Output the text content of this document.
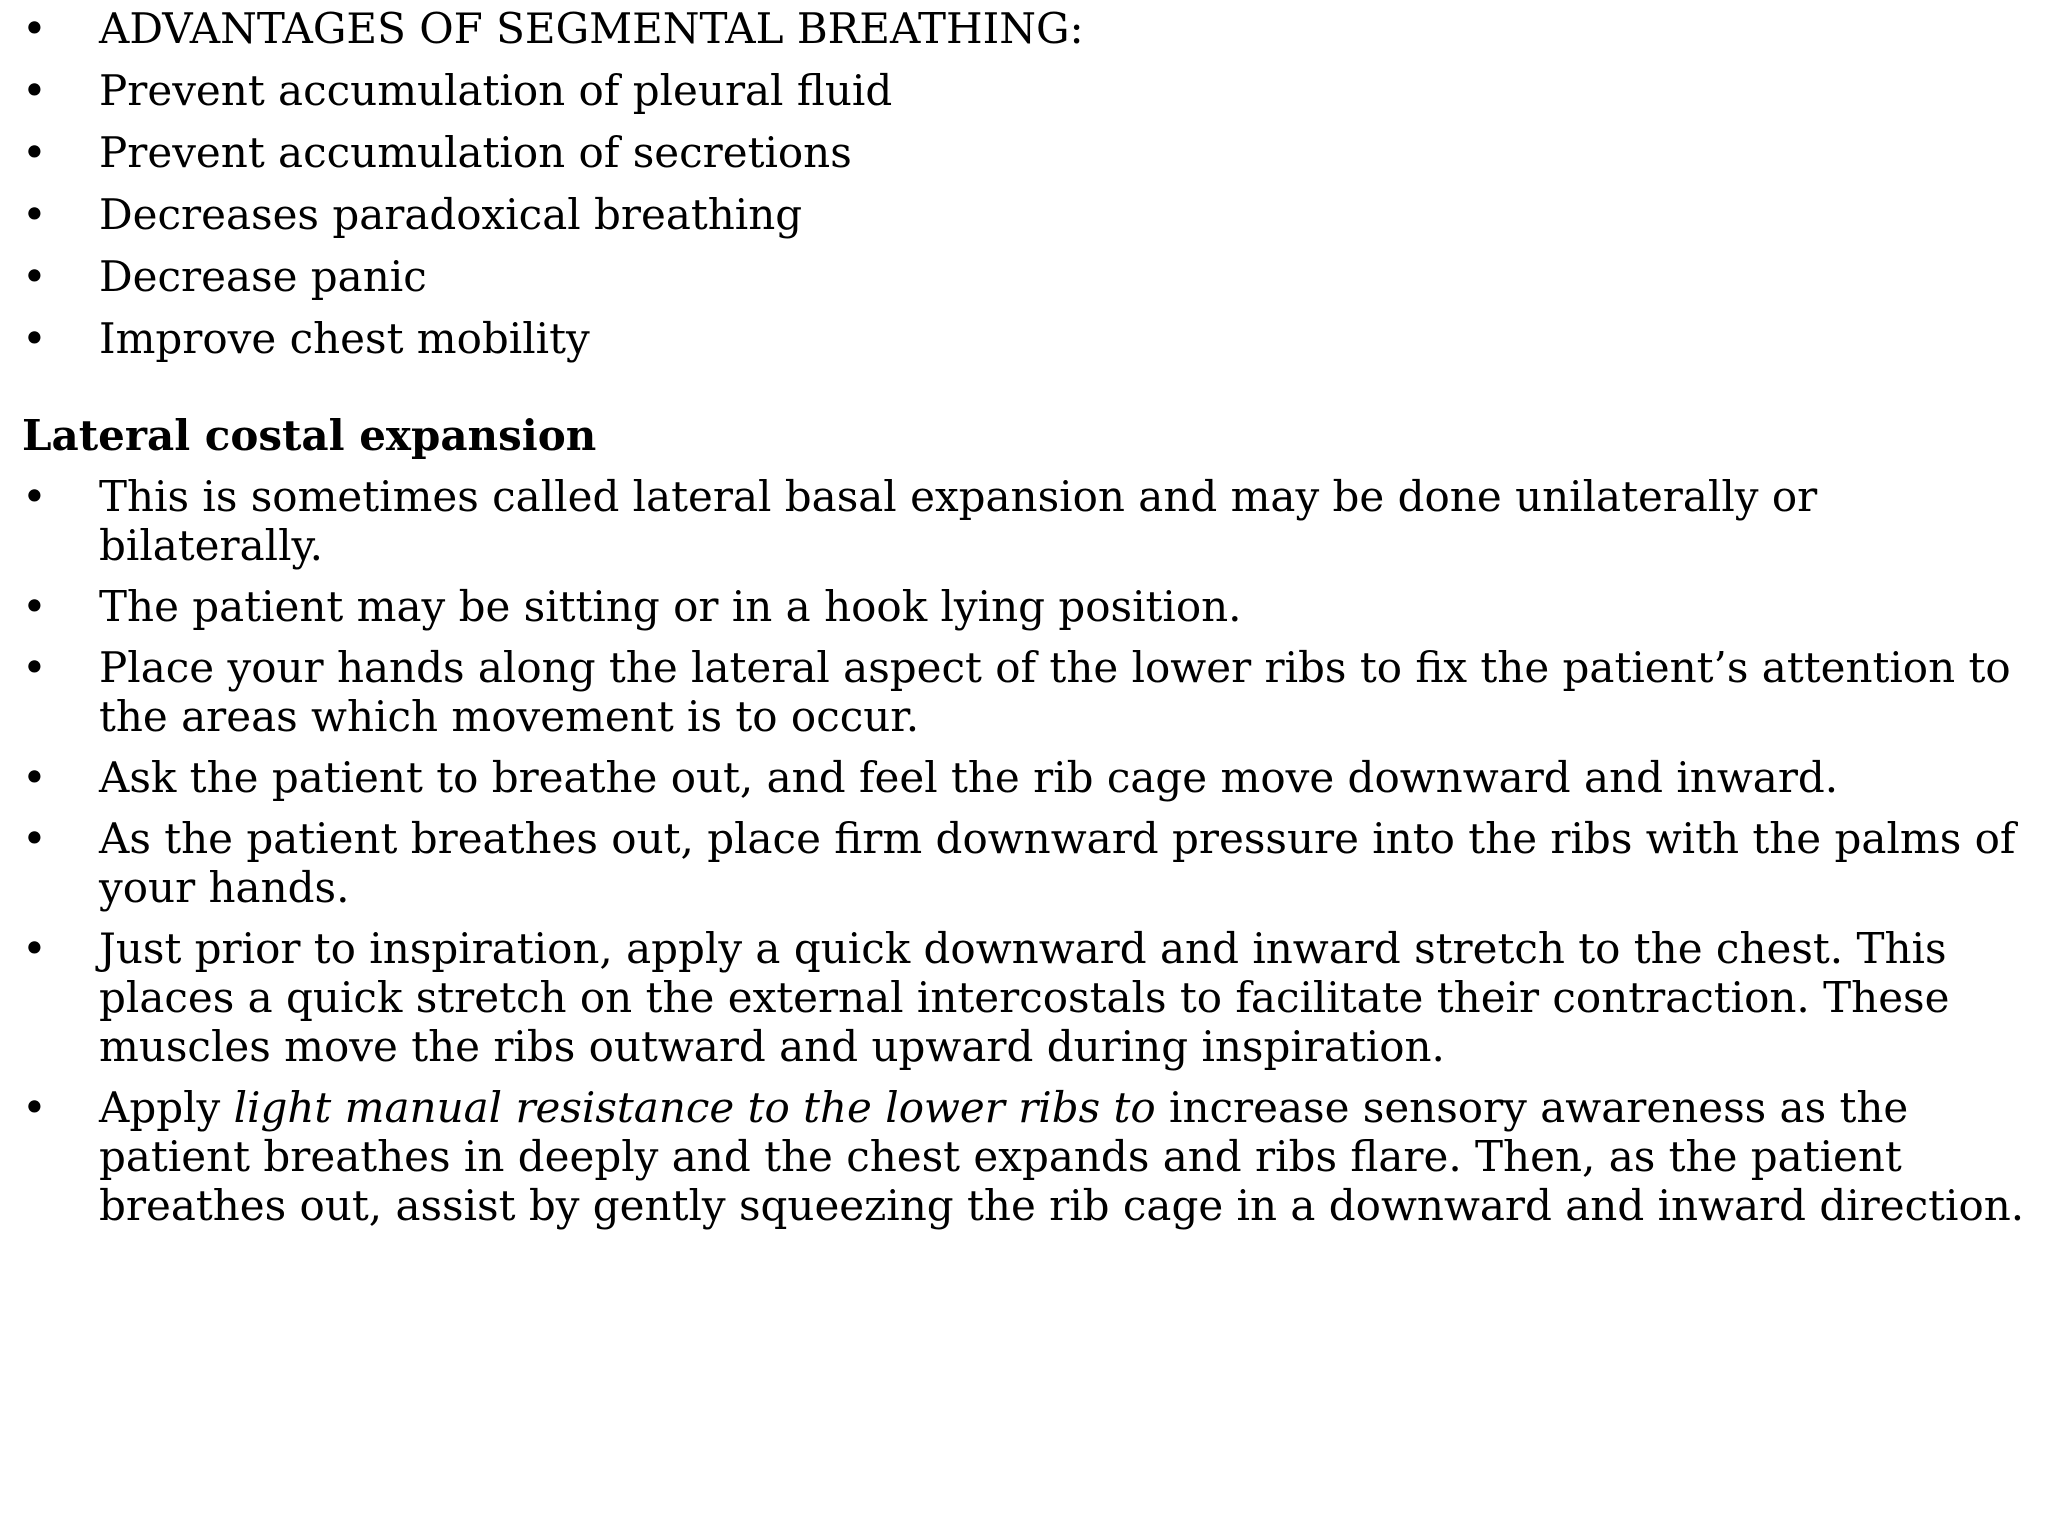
• ADVANTAGES OF SEGMENTAL BREATHING:
• Prevent accumulation of pleural fluid
• Prevent accumulation of secretions
• Decreases paradoxical breathing
• Decrease panic
• Improve chest mobility
Lateral costal expansion
• This is sometimes called lateral basal expansion and may be done unilaterally or bilaterally.
• The patient may be sitting or in a hook lying position.
• Place your hands along the lateral aspect of the lower ribs to fix the patient’s attention to the areas which movement is to occur.
• Ask the patient to breathe out, and feel the rib cage move downward and inward.
• As the patient breathes out, place firm downward pressure into the ribs with the palms of your hands.
• Just prior to inspiration, apply a quick downward and inward stretch to the chest. This places a quick stretch on the external intercostals to facilitate their contraction. These muscles move the ribs outward and upward during inspiration.
• Apply light manual resistance to the lower ribs to increase sensory awareness as the patient breathes in deeply and the chest expands and ribs flare. Then, as the patient breathes out, assist by gently squeezing the rib cage in a downward and inward direction.
